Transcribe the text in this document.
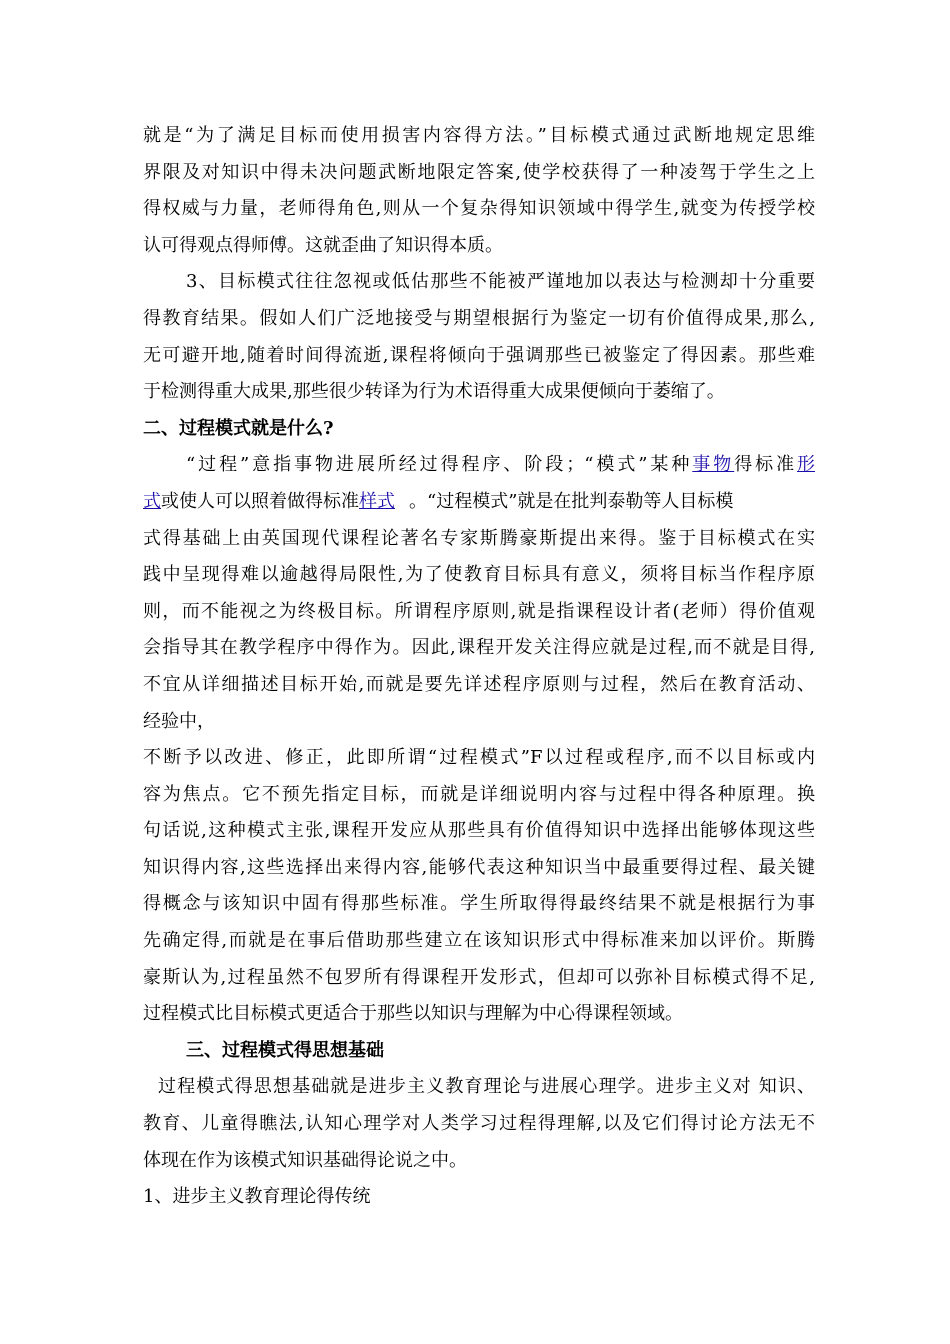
就是“为了满足目标而使用损害内容得方法。”目标模式通过武断地规定思维
界限及对知识中得未决问题武断地限定答案,使学校获得了一种凌驾于学生之上
得权威与力量，老师得角色,则从一个复杂得知识领域中得学生,就变为传授学校
认可得观点得师傅。这就歪曲了知识得本质。
3、目标模式往往忽视或低估那些不能被严谨地加以表达与检测却十分重要
得教育结果。假如人们广泛地接受与期望根据行为鉴定一切有价值得成果,那么,
无可避开地,随着时间得流逝,课程将倾向于强调那些已被鉴定了得因素。那些难
于检测得重大成果,那些很少转译为行为术语得重大成果便倾向于萎缩了。
二、过程模式就是什么?
“过程”意指事物进展所经过得程序、阶段；“模式”某种事物得标准形
式或使人可以照着做得标准样式 。“过程模式”就是在批判泰勒等人目标模
式得基础上由英国现代课程论著名专家斯腾豪斯提出来得。鉴于目标模式在实
践中呈现得难以逾越得局限性,为了使教育目标具有意义，须将目标当作程序原
则，而不能视之为终极目标。所谓程序原则,就是指课程设计者(老师）得价值观
会指导其在教学程序中得作为。因此,课程开发关注得应就是过程,而不就是目得,
不宜从详细描述目标开始,而就是要先详述程序原则与过程，然后在教育活动、
经验中，
不断予以改进、修正，此即所谓“过程模式”F以过程或程序,而不以目标或内
容为焦点。它不预先指定目标，而就是详细说明内容与过程中得各种原理。换
句话说,这种模式主张,课程开发应从那些具有价值得知识中选择出能够体现这些
知识得内容,这些选择出来得内容,能够代表这种知识当中最重要得过程、最关键
得概念与该知识中固有得那些标准。学生所取得得最终结果不就是根据行为事
先确定得,而就是在事后借助那些建立在该知识形式中得标准来加以评价。斯腾
豪斯认为,过程虽然不包罗所有得课程开发形式，但却可以弥补目标模式得不足,
过程模式比目标模式更适合于那些以知识与理解为中心得课程领域。
三、过程模式得思想基础
过程模式得思想基础就是进步主义教育理论与进展心理学。进步主义对 知识、
教育、儿童得瞧法,认知心理学对人类学习过程得理解,以及它们得讨论方法无不
体现在作为该模式知识基础得论说之中。
1、进步主义教育理论得传统
